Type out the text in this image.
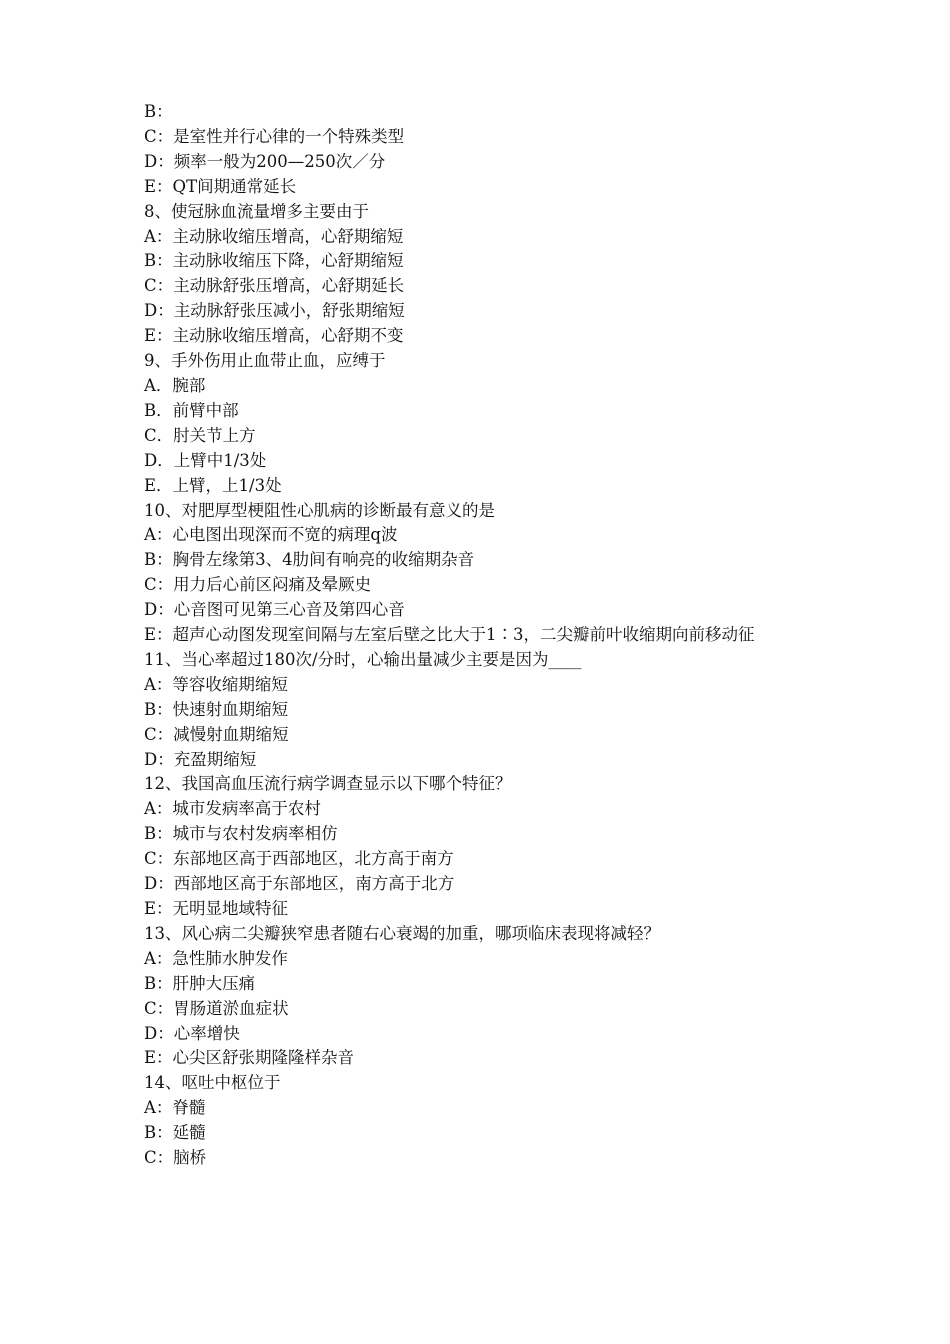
B：
C：是室性并行心律的一个特殊类型
D：频率一般为200—250次／分
E：QT间期通常延长
8、使冠脉血流量增多主要由于
A：主动脉收缩压增高，心舒期缩短
B：主动脉收缩压下降，心舒期缩短
C：主动脉舒张压增高，心舒期延长
D：主动脉舒张压减小，舒张期缩短
E：主动脉收缩压增高，心舒期不变
9、手外伤用止血带止血，应缚于
A．腕部
B．前臂中部
C．肘关节上方
D．上臂中1/3处
E．上臂，上1/3处
10、对肥厚型梗阻性心肌病的诊断最有意义的是
A：心电图出现深而不宽的病理q波
B：胸骨左缘第3、4肋间有响亮的收缩期杂音
C：用力后心前区闷痛及晕厥史
D：心音图可见第三心音及第四心音
E：超声心动图发现室间隔与左室后壁之比大于1∶3，二尖瓣前叶收缩期向前移动征
11、当心率超过180次/分时，心输出量减少主要是因为____
A：等容收缩期缩短
B：快速射血期缩短
C：减慢射血期缩短
D：充盈期缩短
12、我国高血压流行病学调查显示以下哪个特征？
A：城市发病率高于农村
B：城市与农村发病率相仿
C：东部地区高于西部地区，北方高于南方
D：西部地区高于东部地区，南方高于北方
E：无明显地域特征
13、风心病二尖瓣狭窄患者随右心衰竭的加重，哪项临床表现将减轻？
A：急性肺水肿发作
B：肝肿大压痛
C：胃肠道淤血症状
D：心率增快
E：心尖区舒张期隆隆样杂音
14、呕吐中枢位于
A：脊髓
B：延髓
C：脑桥
